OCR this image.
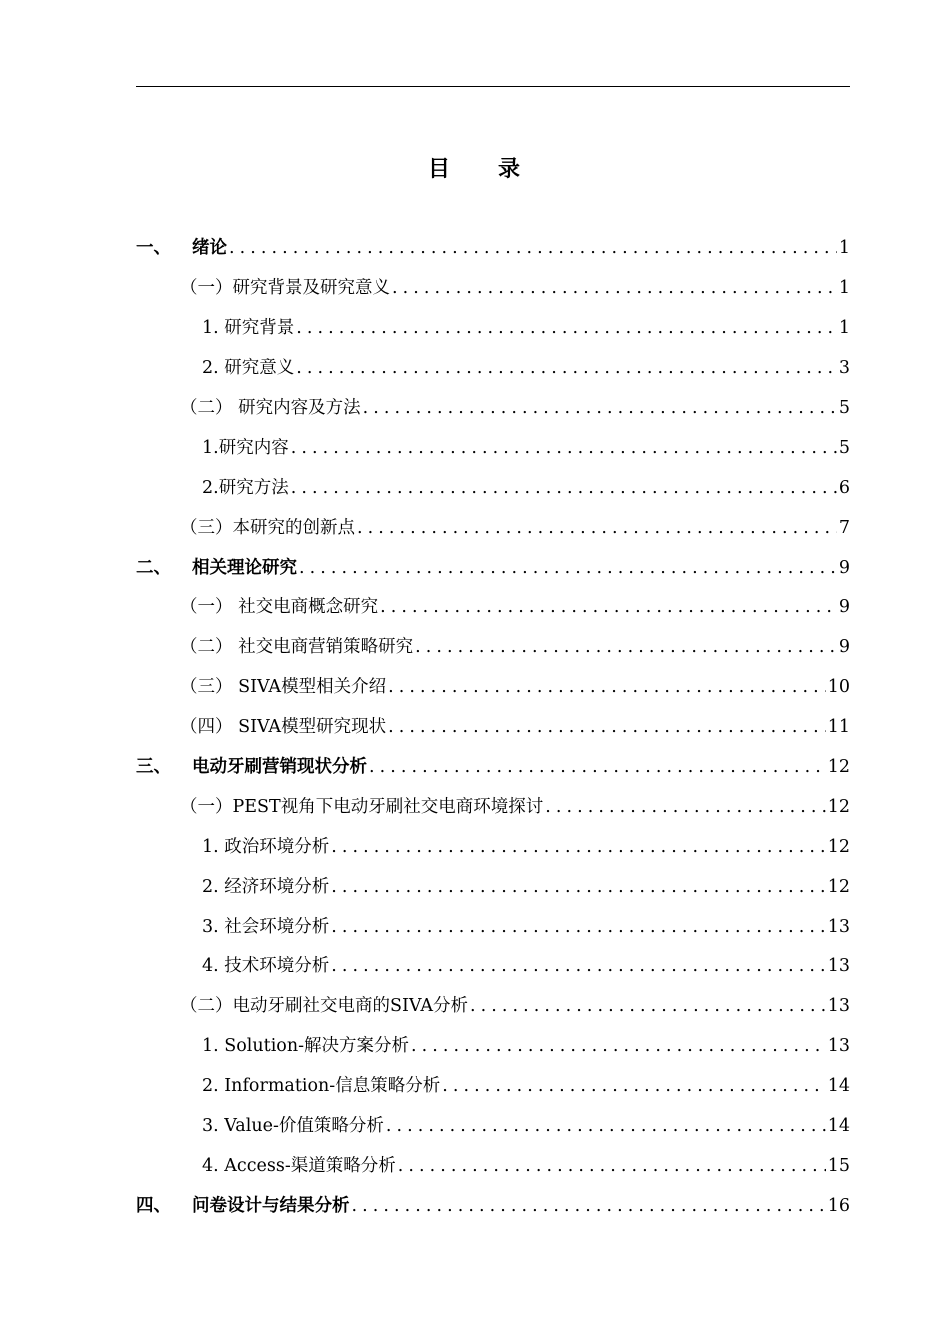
目 录
一、	绪论 . . .	1
（一） 研究背景及研究意义 . . .	1
1. 研究背景 . . .	1
2. 研究意义 . . .	3
（二） 研究内容及方法 . . .	5
1. 研究内容 . . .	5
2. 研究方法 . . .	6
（三） 本研究的创新点 . . .	7
二、	相关理论研究 . . .	9
（一） 社交电商概念研究 . . .	9
（二） 社交电商营销策略研究 . . .	9
（三） SIVA模型相关介绍 . . .	10
（四） SIVA模型研究现状 . . .	11
三、	电动牙刷营销现状分析 . . .	12
（一） PEST视角下电动牙刷社交电商环境探讨 . . .	12
1. 政治环境分析 . . .	12
2. 经济环境分析 . . .	12
3. 社会环境分析 . . .	13
4. 技术环境分析 . . .	13
（二） 电动牙刷社交电商的SIVA分析 . . .	13
1. Solution-解决方案分析 . . .	13
2. Information-信息策略分析 . . .	14
3. Value-价值策略分析 . . .	14
4. Access-渠道策略分析 . . .	15
四、	问卷设计与结果分析 . . .	16
